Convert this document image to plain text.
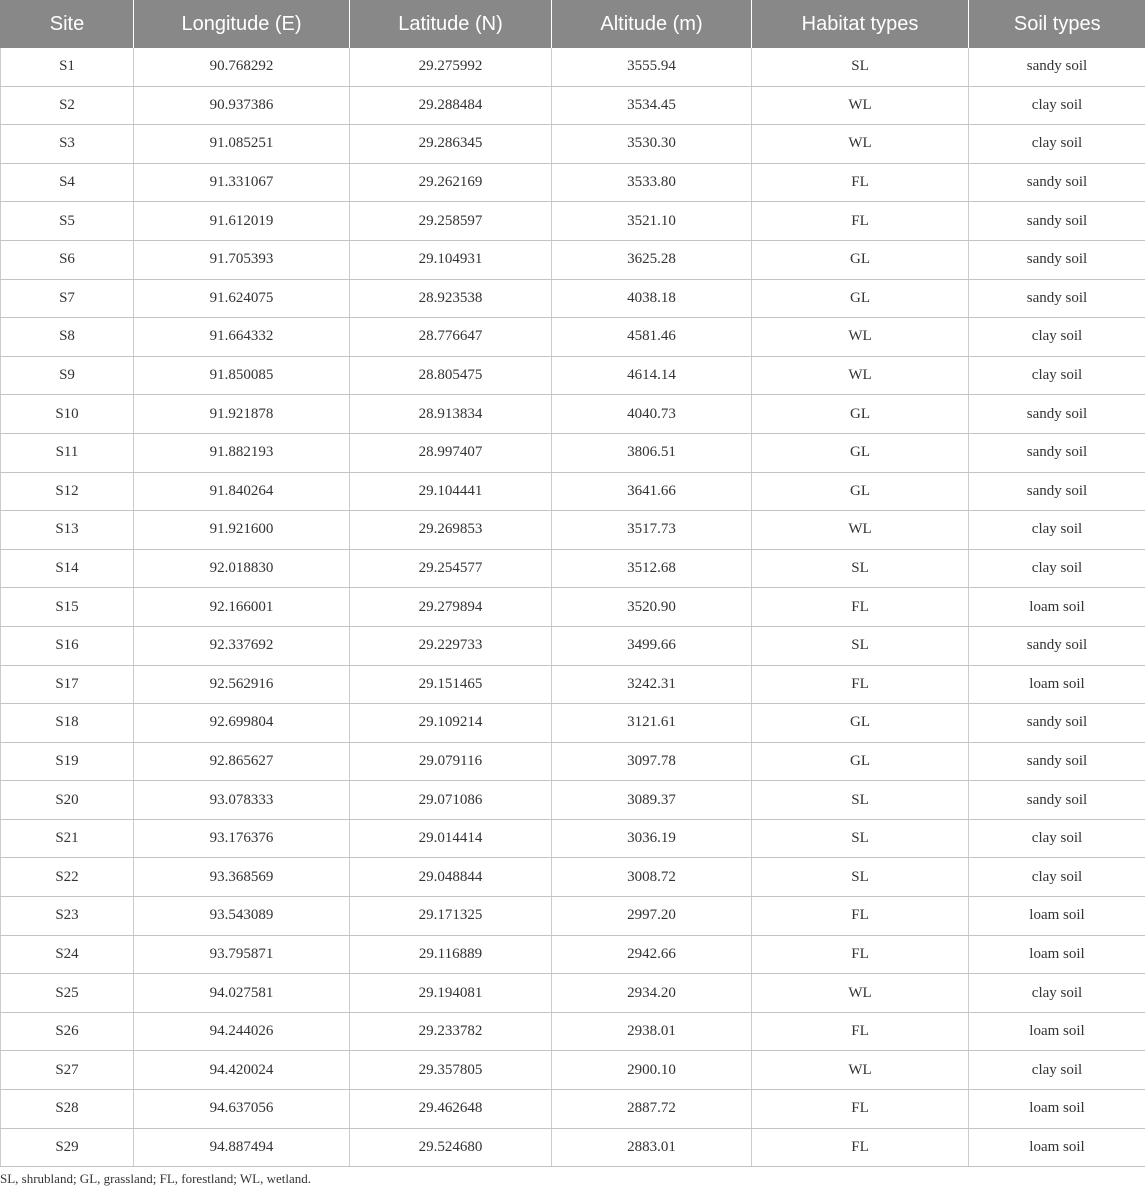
Site	Longitude (E)	Latitude (N)	Altitude (m)	Habitat types	Soil types
S1	90.768292	29.275992	3555.94	SL	sandy soil
S2	90.937386	29.288484	3534.45	WL	clay soil
S3	91.085251	29.286345	3530.30	WL	clay soil
S4	91.331067	29.262169	3533.80	FL	sandy soil
S5	91.612019	29.258597	3521.10	FL	sandy soil
S6	91.705393	29.104931	3625.28	GL	sandy soil
S7	91.624075	28.923538	4038.18	GL	sandy soil
S8	91.664332	28.776647	4581.46	WL	clay soil
S9	91.850085	28.805475	4614.14	WL	clay soil
S10	91.921878	28.913834	4040.73	GL	sandy soil
S11	91.882193	28.997407	3806.51	GL	sandy soil
S12	91.840264	29.104441	3641.66	GL	sandy soil
S13	91.921600	29.269853	3517.73	WL	clay soil
S14	92.018830	29.254577	3512.68	SL	clay soil
S15	92.166001	29.279894	3520.90	FL	loam soil
S16	92.337692	29.229733	3499.66	SL	sandy soil
S17	92.562916	29.151465	3242.31	FL	loam soil
S18	92.699804	29.109214	3121.61	GL	sandy soil
S19	92.865627	29.079116	3097.78	GL	sandy soil
S20	93.078333	29.071086	3089.37	SL	sandy soil
S21	93.176376	29.014414	3036.19	SL	clay soil
S22	93.368569	29.048844	3008.72	SL	clay soil
S23	93.543089	29.171325	2997.20	FL	loam soil
S24	93.795871	29.116889	2942.66	FL	loam soil
S25	94.027581	29.194081	2934.20	WL	clay soil
S26	94.244026	29.233782	2938.01	FL	loam soil
S27	94.420024	29.357805	2900.10	WL	clay soil
S28	94.637056	29.462648	2887.72	FL	loam soil
S29	94.887494	29.524680	2883.01	FL	loam soil

SL, shrubland; GL, grassland; FL, forestland; WL, wetland.
